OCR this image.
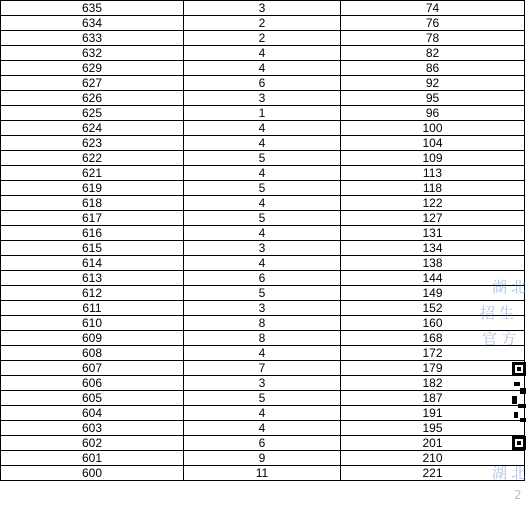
635	3	74
634	2	76
633	2	78
632	4	82
629	4	86
627	6	92
626	3	95
625	1	96
624	4	100
623	4	104
622	5	109
621	4	113
619	5	118
618	4	122
617	5	127
616	4	131
615	3	134
614	4	138
613	6	144
612	5	149
611	3	152
610	8	160
609	8	168
608	4	172
607	7	179
606	3	182
605	5	187
604	4	191
603	4	195
602	6	201
601	9	210
600	11	221
湖北
招生
官方
湖北
2
